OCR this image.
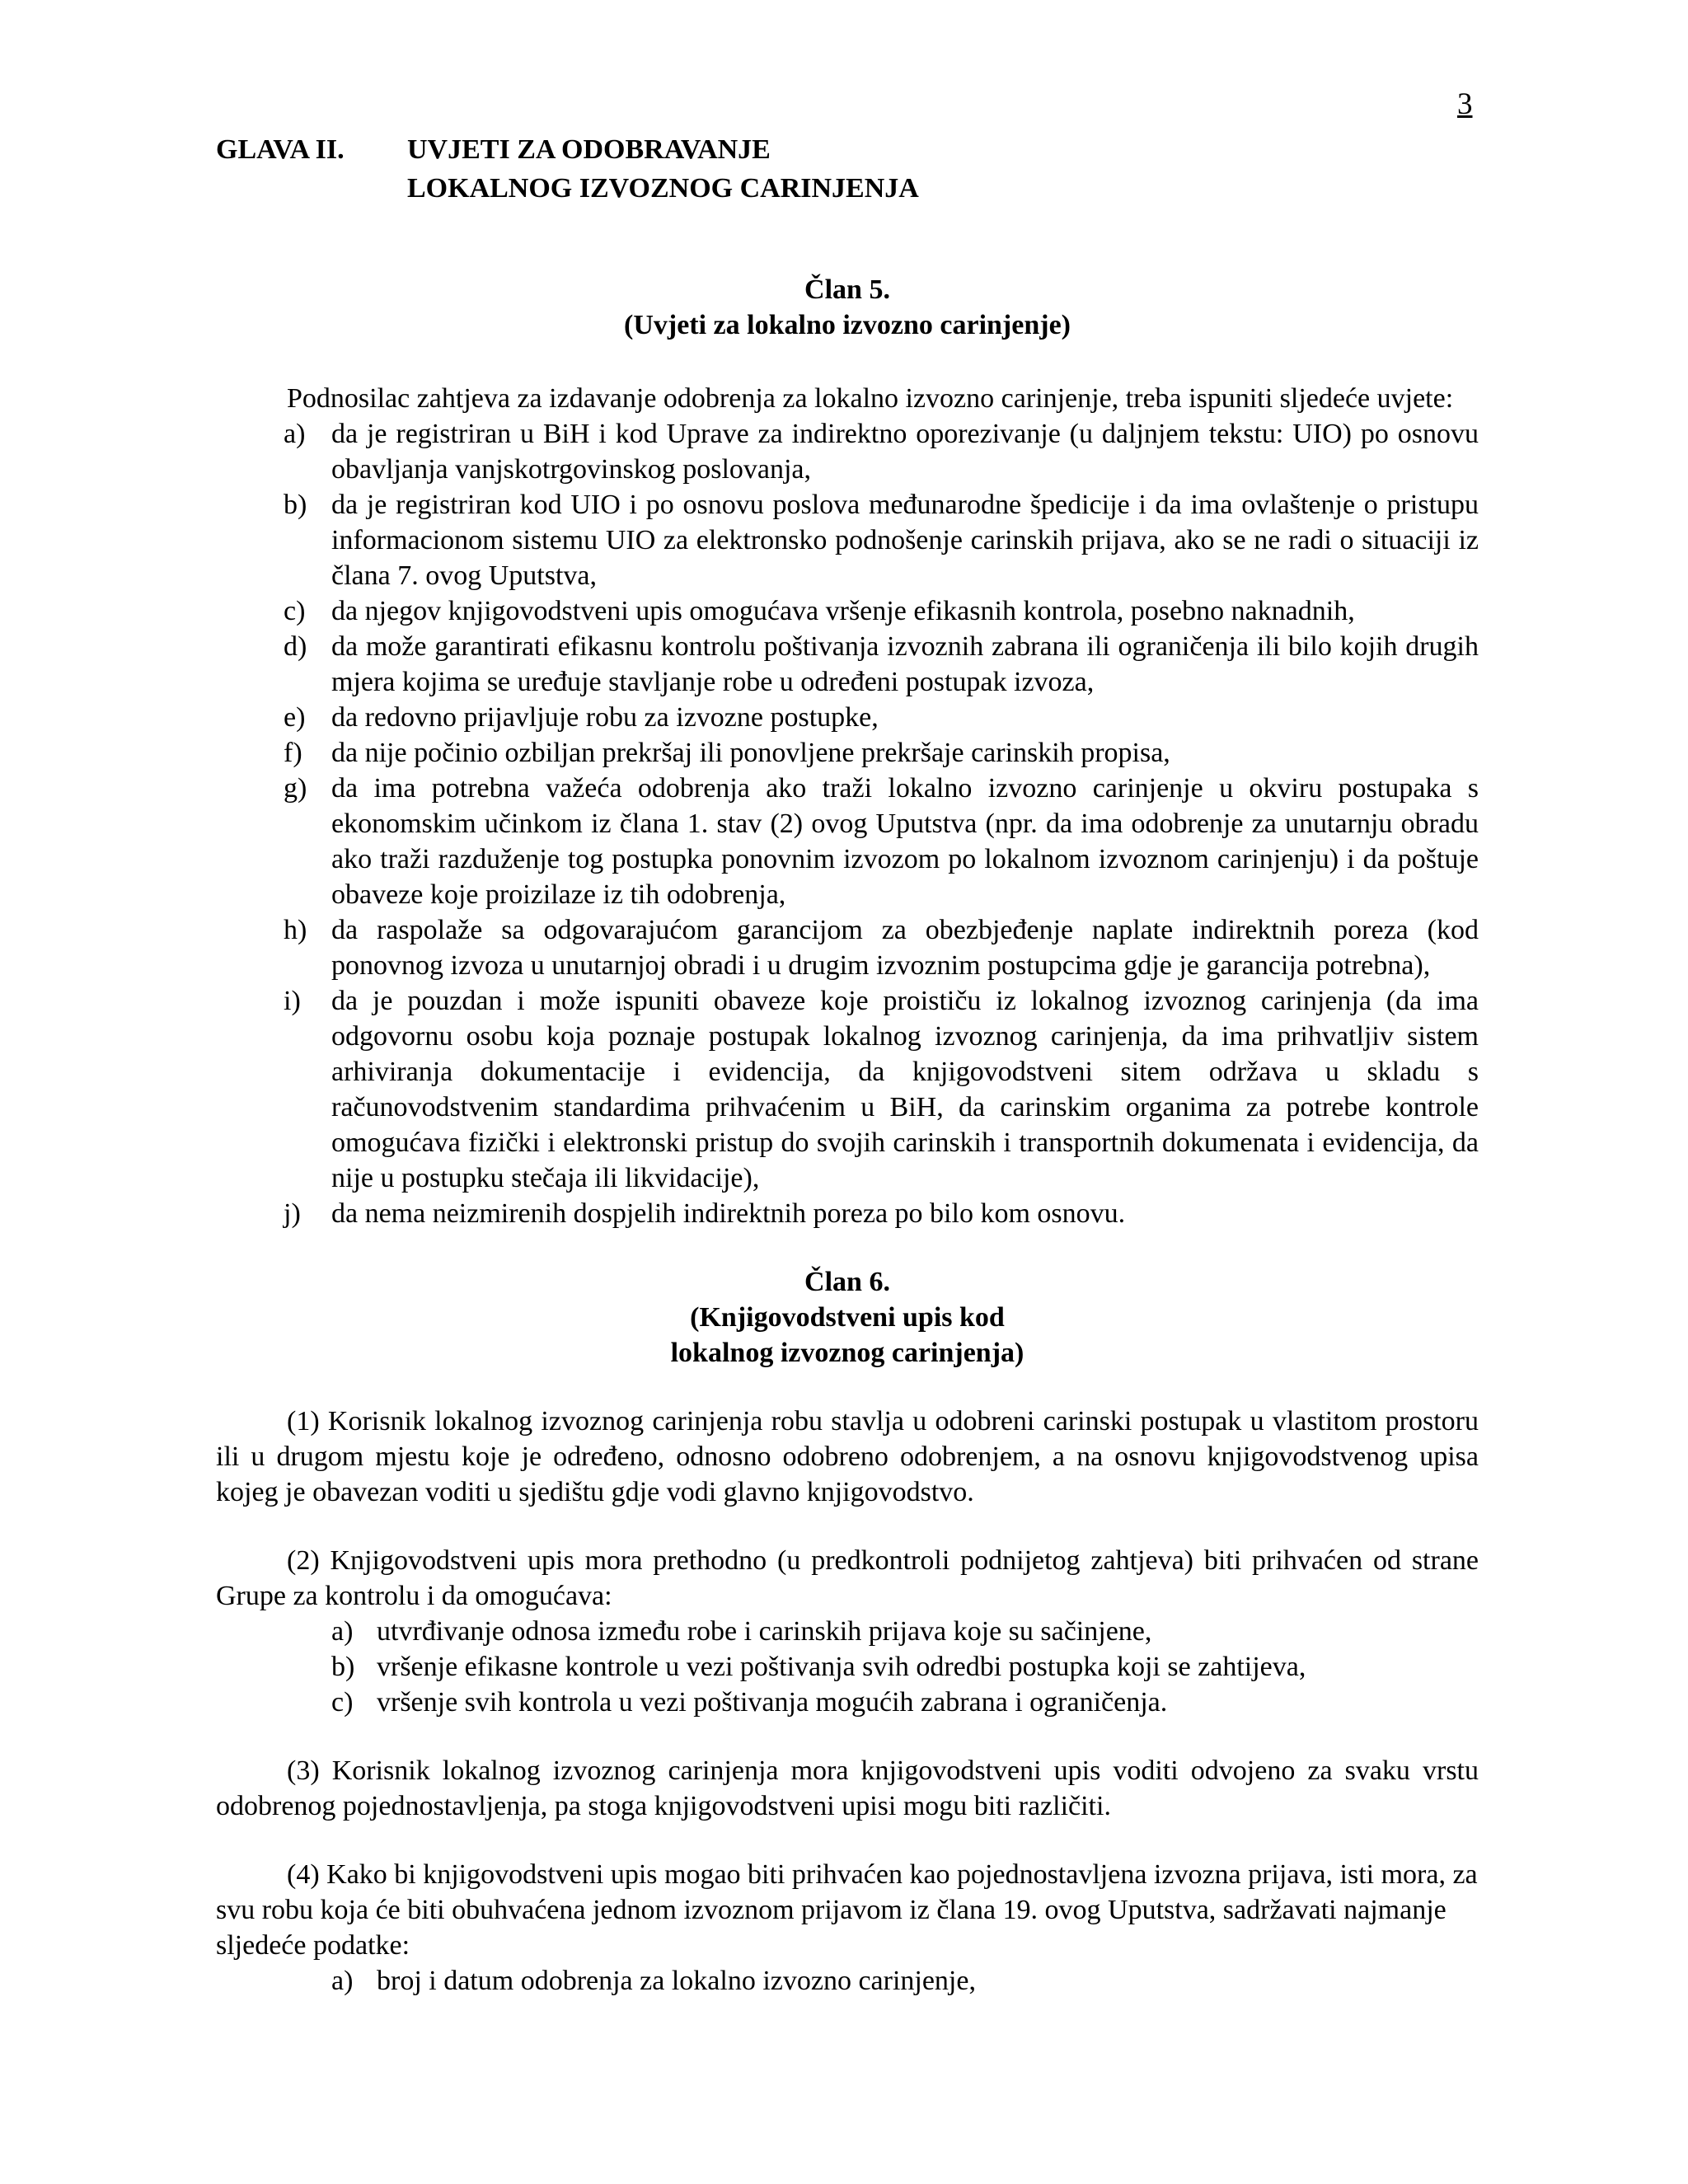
3
GLAVA II. UVJETI ZA ODOBRAVANJE
LOKALNOG IZVOZNOG CARINJENJA
Član 5.
(Uvjeti za lokalno izvozno carinjenje)

Podnosilac zahtjeva za izdavanje odobrenja za lokalno izvozno carinjenje, treba ispuniti sljedeće uvjete:

a) da je registriran u BiH i kod Uprave za indirektno oporezivanje (u daljnjem tekstu: UIO) po osnovu obavljanja vanjskotrgovinskog poslovanja,
b) da je registriran kod UIO i po osnovu poslova međunarodne špedicije i da ima ovlaštenje o pristupu informacionom sistemu UIO za elektronsko podnošenje carinskih prijava, ako se ne radi o situaciji iz člana 7. ovog Uputstva,
c) da njegov knjigovodstveni upis omogućava vršenje efikasnih kontrola, posebno naknadnih,
d) da može garantirati efikasnu kontrolu poštivanja izvoznih zabrana ili ograničenja ili bilo kojih drugih mjera kojima se uređuje stavljanje robe u određeni postupak izvoza,
e) da redovno prijavljuje robu za izvozne postupke,
f) da nije počinio ozbiljan prekršaj ili ponovljene prekršaje carinskih propisa,
g) da ima potrebna važeća odobrenja ako traži lokalno izvozno carinjenje u okviru postupaka s ekonomskim učinkom iz člana 1. stav (2) ovog Uputstva (npr. da ima odobrenje za unutarnju obradu ako traži razduženje tog postupka ponovnim izvozom po lokalnom izvoznom carinjenju) i da poštuje obaveze koje proizilaze iz tih odobrenja,
h) da raspolaže sa odgovarajućom garancijom za obezbjeđenje naplate indirektnih poreza (kod ponovnog izvoza u unutarnjoj obradi i u drugim izvoznim postupcima gdje je garancija potrebna),
i) da je pouzdan i može ispuniti obaveze koje proističu iz lokalnog izvoznog carinjenja (da ima odgovornu osobu koja poznaje postupak lokalnog izvoznog carinjenja, da ima prihvatljiv sistem arhiviranja dokumentacije i evidencija, da knjigovodstveni sitem održava u skladu s računovodstvenim standardima prihvaćenim u BiH, da carinskim organima za potrebe kontrole omogućava fizički i elektronski pristup do svojih carinskih i transportnih dokumenata i evidencija, da nije u postupku stečaja ili likvidacije),
j) da nema neizmirenih dospjelih indirektnih poreza po bilo kom osnovu.
Član 6.
(Knjigovodstveni upis kod
lokalnog izvoznog carinjenja)

(1) Korisnik lokalnog izvoznog carinjenja robu stavlja u odobreni carinski postupak u vlastitom prostoru ili u drugom mjestu koje je određeno, odnosno odobreno odobrenjem, a na osnovu knjigovodstvenog upisa kojeg je obavezan voditi u sjedištu gdje vodi glavno knjigovodstvo.

(2) Knjigovodstveni upis mora prethodno (u predkontroli podnijetog zahtjeva) biti prihvaćen od strane Grupe za kontrolu i da omogućava:

a) utvrđivanje odnosa između robe i carinskih prijava koje su sačinjene,
b) vršenje efikasne kontrole u vezi poštivanja svih odredbi postupka koji se zahtijeva,
c) vršenje svih kontrola u vezi poštivanja mogućih zabrana i ograničenja.

(3) Korisnik lokalnog izvoznog carinjenja mora knjigovodstveni upis voditi odvojeno za svaku vrstu odobrenog pojednostavljenja, pa stoga knjigovodstveni upisi mogu biti različiti.

(4) Kako bi knjigovodstveni upis mogao biti prihvaćen kao pojednostavljena izvozna prijava, isti mora, za svu robu koja će biti obuhvaćena jednom izvoznom prijavom iz člana 19. ovog Uputstva, sadržavati najmanje sljedeće podatke:

a) broj i datum odobrenja za lokalno izvozno carinjenje,
